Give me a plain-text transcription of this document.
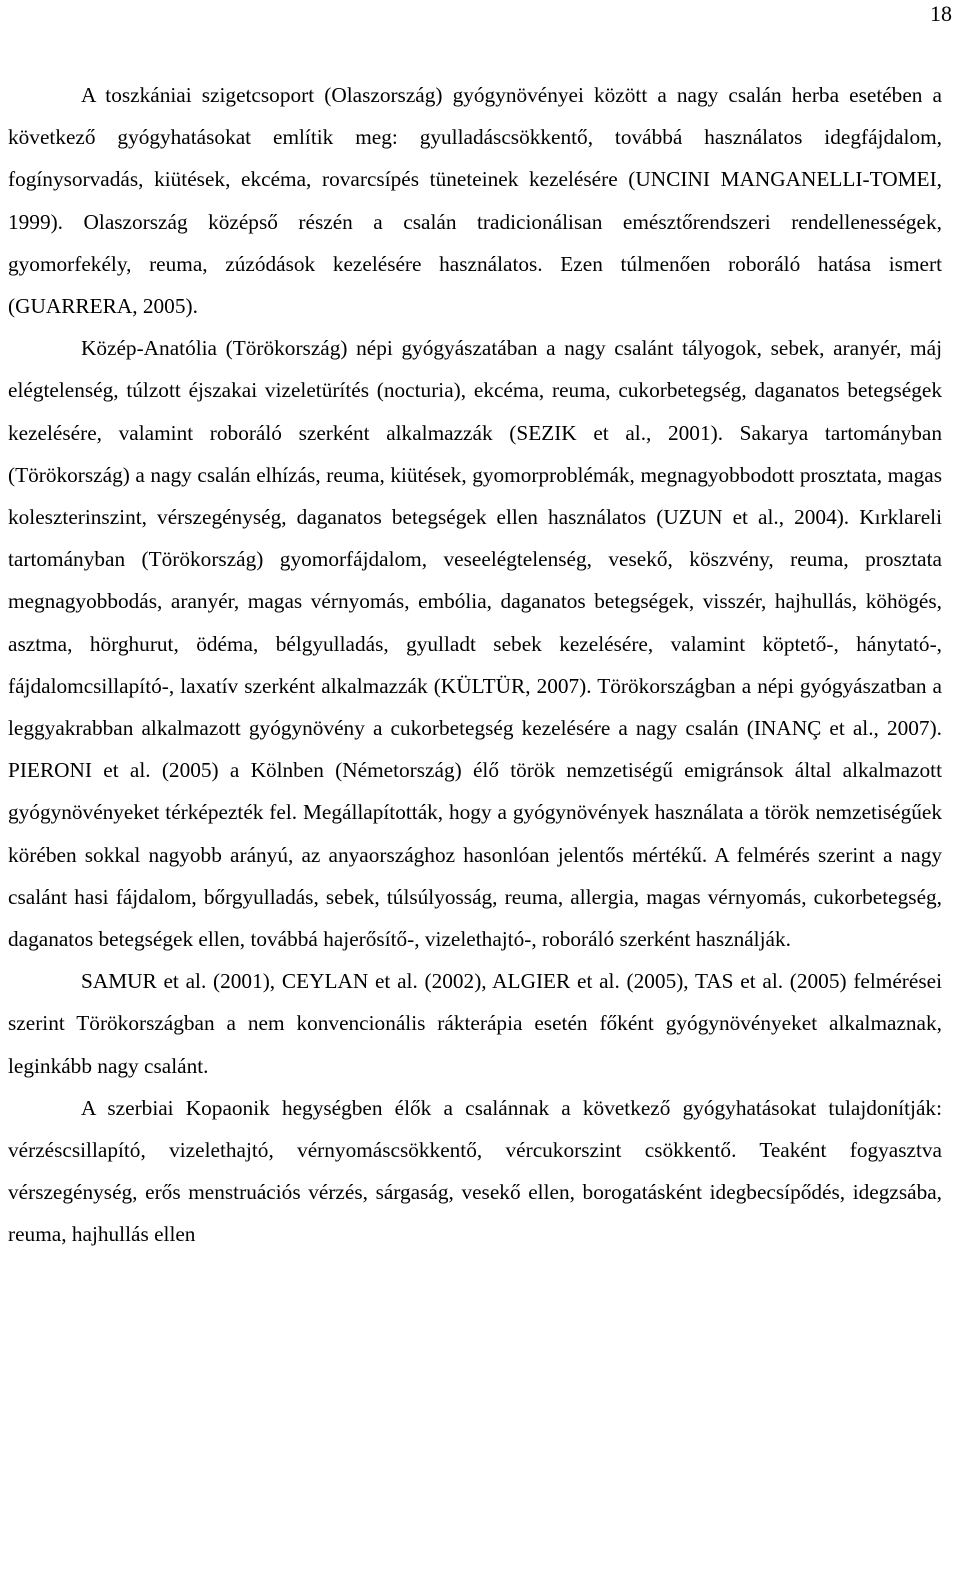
18

A toszkániai szigetcsoport (Olaszország) gyógynövényei között a nagy csalán herba esetében a következő gyógyhatásokat említik meg: gyulladáscsökkentő, továbbá használatos idegfájdalom, fogínysorvadás, kiütések, ekcéma, rovarcsípés tüneteinek kezelésére (UNCINI MANGANELLI-TOMEI, 1999). Olaszország középső részén a csalán tradicionálisan emésztőrendszeri rendellenességek, gyomorfekély, reuma, zúzódások kezelésére használatos. Ezen túlmenően roboráló hatása ismert (GUARRERA, 2005).

Közép-Anatólia (Törökország) népi gyógyászatában a nagy csalánt tályogok, sebek, aranyér, máj elégtelenség, túlzott éjszakai vizeletürítés (nocturia), ekcéma, reuma, cukorbetegség, daganatos betegségek kezelésére, valamint roboráló szerként alkalmazzák (SEZIK et al., 2001). Sakarya tartományban (Törökország) a nagy csalán elhízás, reuma, kiütések, gyomorproblémák, megnagyobbodott prosztata, magas koleszterinszint, vérszegénység, daganatos betegségek ellen használatos (UZUN et al., 2004). Kırklareli tartományban (Törökország) gyomorfájdalom, veseelégtelenség, vesekő, köszvény, reuma, prosztata megnagyobbodás, aranyér, magas vérnyomás, embólia, daganatos betegségek, visszér, hajhullás, köhögés, asztma, hörghurut, ödéma, bélgyulladás, gyulladt sebek kezelésére, valamint köptető-, hánytató-, fájdalomcsillapító-, laxatív szerként alkalmazzák (KÜLTÜR, 2007). Törökországban a népi gyógyászatban a leggyakrabban alkalmazott gyógynövény a cukorbetegség kezelésére a nagy csalán (INANÇ et al., 2007). PIERONI et al. (2005) a Kölnben (Németország) élő török nemzetiségű emigránsok által alkalmazott gyógynövényeket térképezték fel. Megállapították, hogy a gyógynövények használata a török nemzetiségűek körében sokkal nagyobb arányú, az anyaországhoz hasonlóan jelentős mértékű. A felmérés szerint a nagy csalánt hasi fájdalom, bőrgyulladás, sebek, túlsúlyosság, reuma, allergia, magas vérnyomás, cukorbetegség, daganatos betegségek ellen, továbbá hajerősítő-, vizelethajtó-, roboráló szerként használják.

SAMUR et al. (2001), CEYLAN et al. (2002), ALGIER et al. (2005), TAS et al. (2005) felmérései szerint Törökországban a nem konvencionális rákterápia esetén főként gyógynövényeket alkalmaznak, leginkább nagy csalánt.

A szerbiai Kopaonik hegységben élők a csalánnak a következő gyógyhatásokat tulajdonítják: vérzéscsillapító, vizelethajtó, vérnyomáscsökkentő, vércukorszint csökkentő. Teaként fogyasztva vérszegénység, erős menstruációs vérzés, sárgaság, vesekő ellen, borogatásként idegbecsípődés, idegzsába, reuma, hajhullás ellen
